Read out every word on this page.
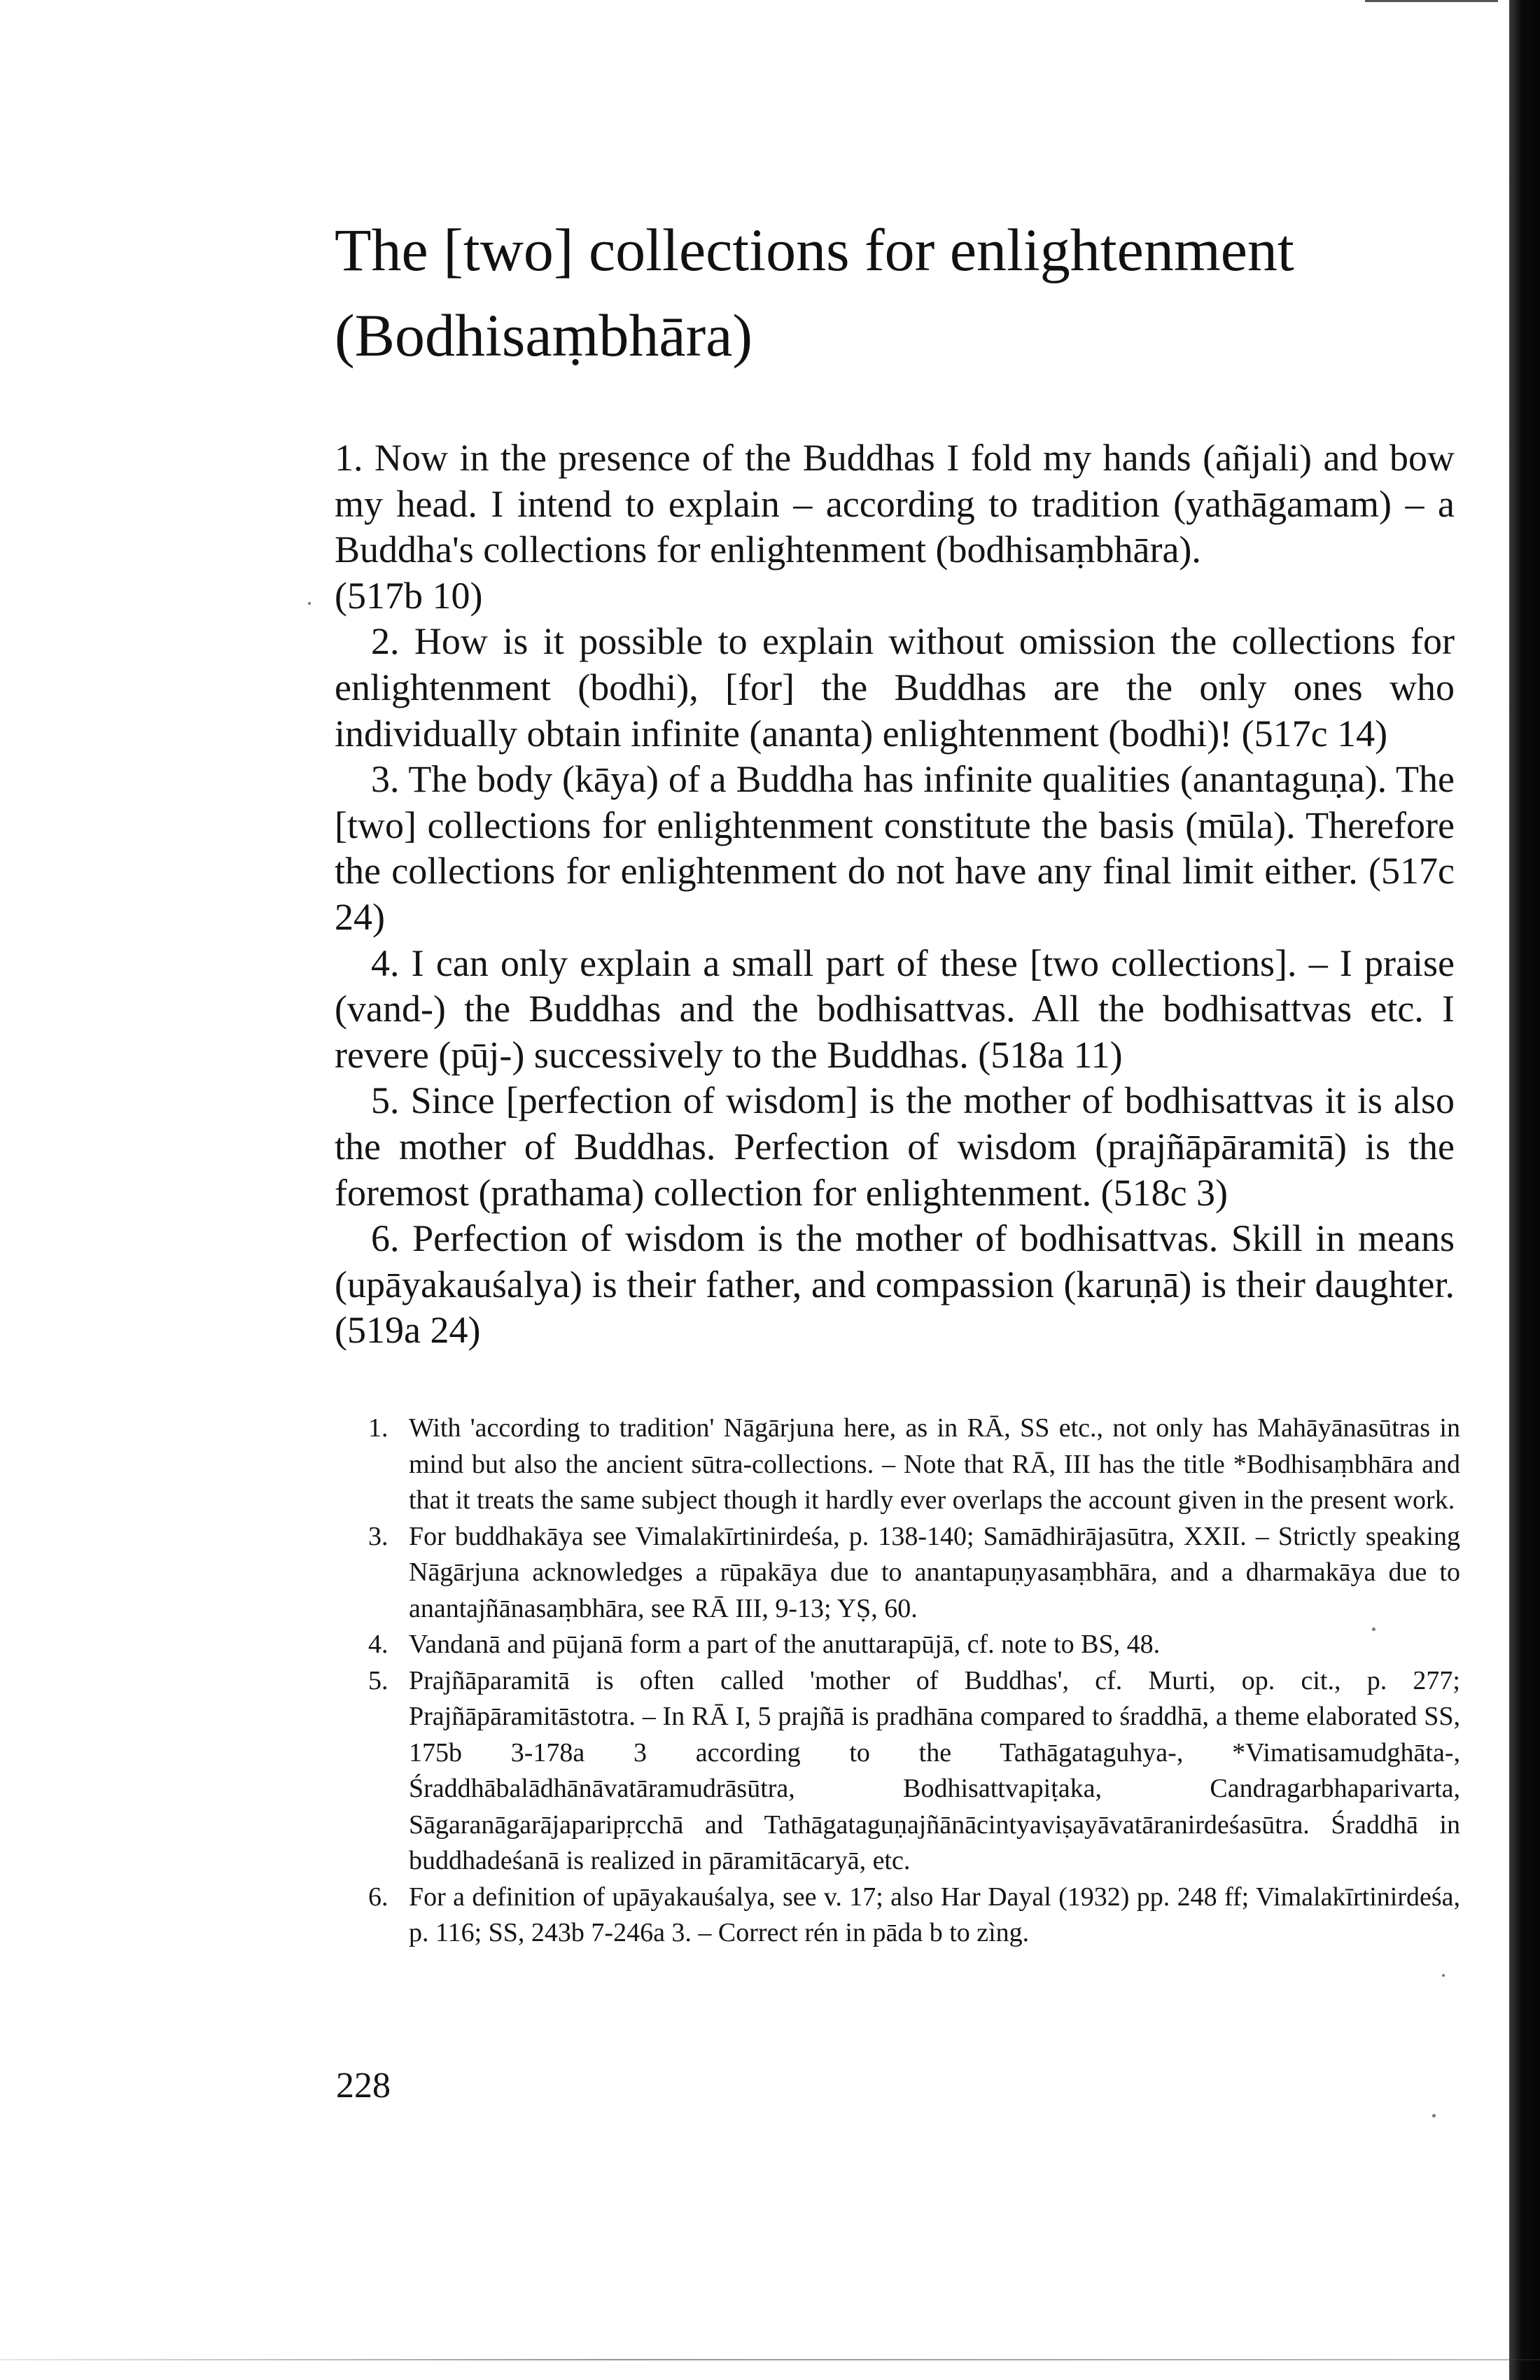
The [two] collections for enlightenment
(Bodhisaṃbhāra)

1. Now in the presence of the Buddhas I fold my hands (añjali) and bow my head. I intend to explain – according to tradition (yathāgamam) – a Buddha's collections for enlightenment (bodhisaṃbhāra).

(517b 10)

2. How is it possible to explain without omission the collections for enlightenment (bodhi), [for] the Buddhas are the only ones who individually obtain infinite (ananta) enlightenment (bodhi)! (517c 14)

3. The body (kāya) of a Buddha has infinite qualities (anantaguṇa). The [two] collections for enlightenment constitute the basis (mūla). Therefore the collections for enlightenment do not have any final limit either. (517c 24)

4. I can only explain a small part of these [two collections]. – I praise (vand-) the Buddhas and the bodhisattvas. All the bodhisattvas etc. I revere (pūj-) successively to the Buddhas. (518a 11)

5. Since [perfection of wisdom] is the mother of bodhisattvas it is also the mother of Buddhas. Perfection of wisdom (prajñāpāramitā) is the foremost (prathama) collection for enlightenment. (518c 3)

6. Perfection of wisdom is the mother of bodhisattvas. Skill in means (upāyakauśalya) is their father, and compassion (karuṇā) is their daughter. (519a 24)

1. With 'according to tradition' Nāgārjuna here, as in RĀ, SS etc., not only has Mahāyānasūtras in mind but also the ancient sūtra-collections. – Note that RĀ, III has the title *Bodhisaṃbhāra and that it treats the same subject though it hardly ever overlaps the account given in the present work.
3. For buddhakāya see Vimalakīrtinirdeśa, p. 138-140; Samādhirājasūtra, XXII. – Strictly speaking Nāgārjuna acknowledges a rūpakāya due to anantapuṇyasaṃbhāra, and a dharmakāya due to anantajñānasaṃbhāra, see RĀ III, 9-13; YṢ, 60.
4. Vandanā and pūjanā form a part of the anuttarapūjā, cf. note to BS, 48.
5. Prajñāparamitā is often called 'mother of Buddhas', cf. Murti, op. cit., p. 277; Prajñāpāramitāstotra. – In RĀ I, 5 prajñā is pradhāna compared to śraddhā, a theme elaborated SS, 175b 3-178a 3 according to the Tathāgataguhya-, *Vimatisamudghāta-, Śraddhābalādhānāvatāramudrāsūtra, Bodhisattvapiṭaka, Candragarbhaparivarta, Sāgaranāgarājaparipṛcchā and Tathāgataguṇajñānācintyaviṣayāvatāranirdeśasūtra. Śraddhā in buddhadeśanā is realized in pāramitācaryā, etc.
6. For a definition of upāyakauśalya, see v. 17; also Har Dayal (1932) pp. 248 ff; Vimalakīrtinirdeśa, p. 116; SS, 243b 7-246a 3. – Correct rén in pāda b to zìng.
228
